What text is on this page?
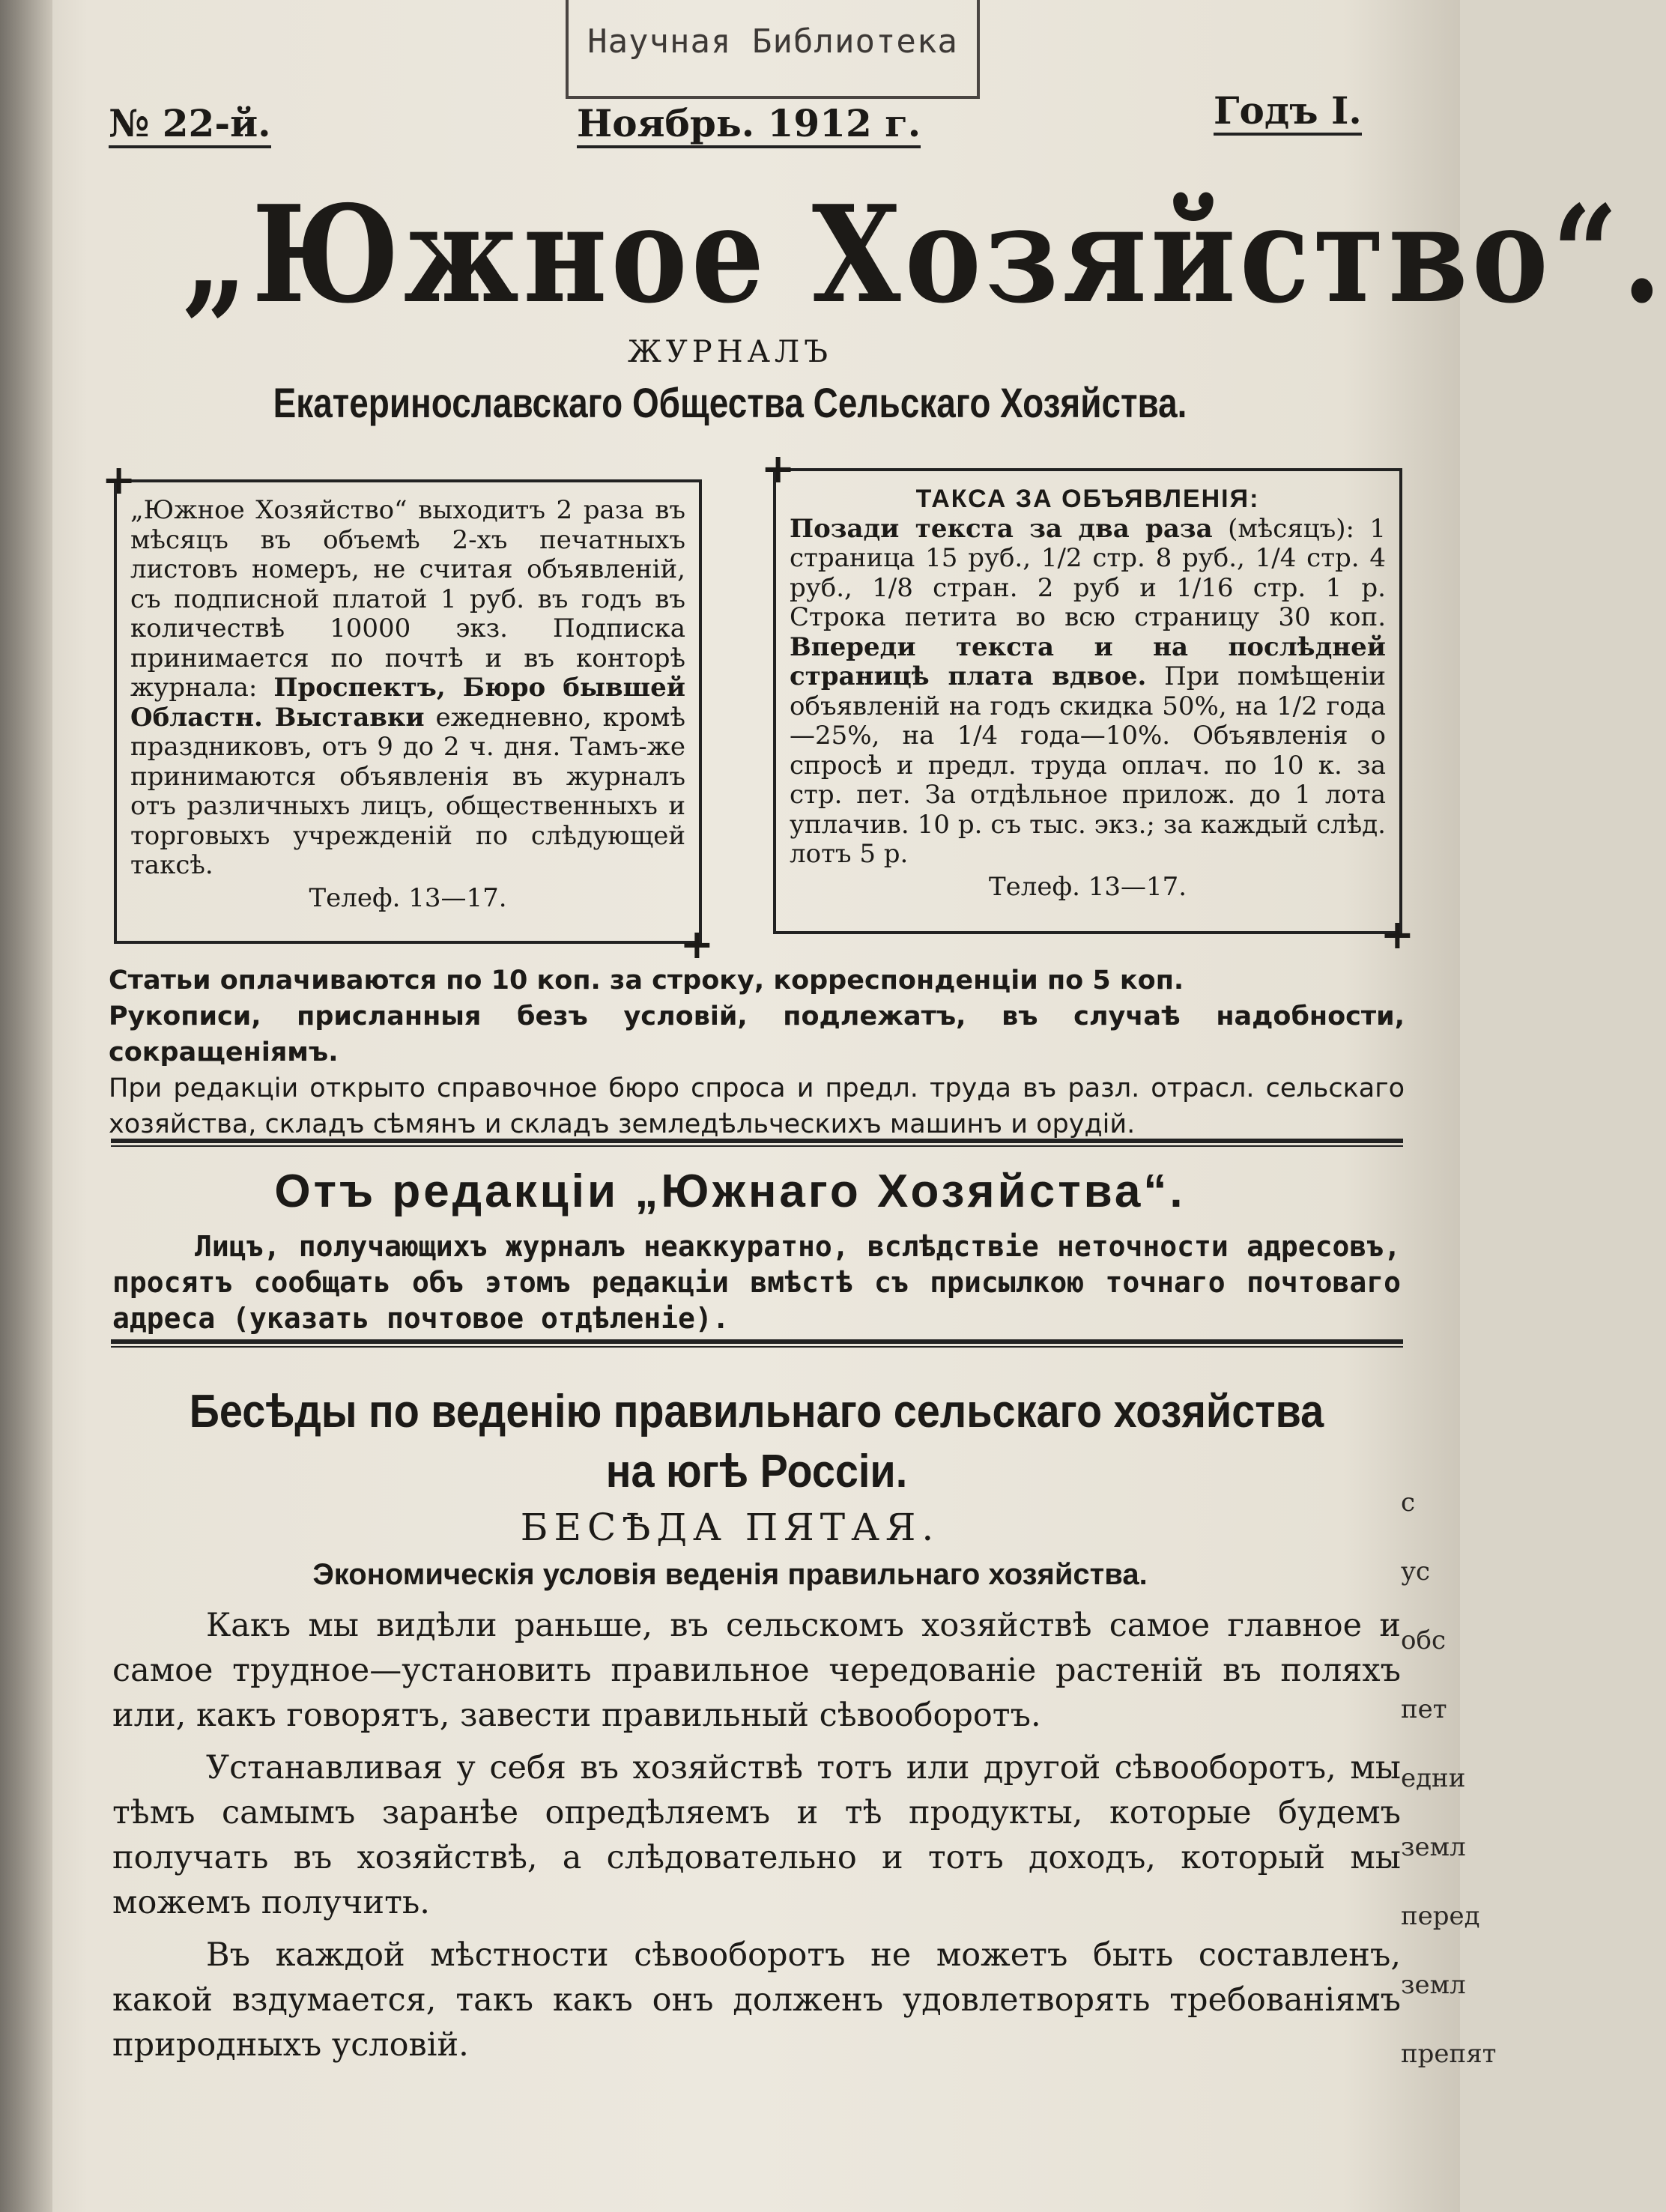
Научная Библиотека
№ 22-й.	Ноябрь. 1912 г.	Годъ I.
„Южное Хозяйство“.
ЖУРНАЛЪ
Екатеринославскаго Общества Сельскаго Хозяйства.
+ „Южное Хозяйство“ выходитъ 2 раза въ мѣсяцъ въ объемѣ 2-хъ печатныхъ листовъ номеръ, не считая объявленій, съ подписной платой 1 руб. въ годъ въ количествѣ 10000 экз. Подписка принимается по почтѣ и въ конторѣ журнала: Проспектъ, Бюро бывшей Областн. Выставки ежедневно, кромѣ праздниковъ, отъ 9 до 2 ч. дня. Тамъ-же принимаются объявленія въ журналъ отъ различныхъ лицъ, общественныхъ и торговыхъ учрежденій по слѣдующей таксѣ.
Телеф. 13—17.
+
+ ТАКСА ЗА ОБЪЯВЛЕНІЯ:
Позади текста за два раза (мѣсяцъ): 1 страница 15 руб., 1/2 стр. 8 руб., 1/4 стр. 4 руб., 1/8 стран. 2 руб и 1/16 стр. 1 р. Строка петита во всю страницу 30 коп. Впереди текста и на послѣдней страницѣ плата вдвое. При помѣщеніи объявленій на годъ скидка 50%, на 1/2 года—25%, на 1/4 года—10%. Объявленія о спросѣ и предл. труда оплач. по 10 к. за стр. пет. За отдѣльное прилож. до 1 лота уплачив. 10 р. съ тыс. экз.; за каждый слѣд. лотъ 5 р.
Телеф. 13—17.
+

Статьи оплачиваются по 10 коп. за строку, корреспонденціи по 5 коп.

Рукописи, присланныя безъ условій, подлежатъ, въ случаѣ надобности, сокращеніямъ.

При редакціи открыто справочное бюро спроса и предл. труда въ разл. отрасл. сельскаго хозяйства, складъ сѣмянъ и складъ земледѣльческихъ машинъ и орудій.

Отъ редакціи „Южнаго Хозяйства“.

Лицъ, получающихъ журналъ неаккуратно, вслѣдствіе неточности адресовъ, просятъ сообщать объ этомъ редакціи вмѣстѣ съ присылкою точнаго почтоваго адреса (указать почтовое отдѣленіе).

Бесѣды по веденію правильнаго сельскаго хозяйства на югѣ Россіи.
БЕСѢДА ПЯТАЯ.
Экономическія условія веденія правильнаго хозяйства.

Какъ мы видѣли раньше, въ сельскомъ хозяйствѣ самое главное и самое трудное—установить правильное чередованіе растеній въ поляхъ или, какъ говорятъ, завести правильный сѣвооборотъ.

Устанавливая у себя въ хозяйствѣ тотъ или другой сѣвооборотъ, мы тѣмъ самымъ заранѣе опредѣляемъ и тѣ продукты, которые будемъ получать въ хозяйствѣ, а слѣдовательно и тотъ доходъ, который мы можемъ получить.

Въ каждой мѣстности сѣвооборотъ не можетъ быть составленъ, какой вздумается, такъ какъ онъ долженъ удовлетворять требованіямъ природныхъ условій.

с
ус
обс
пет
едни
земл
перед
земл
препят
